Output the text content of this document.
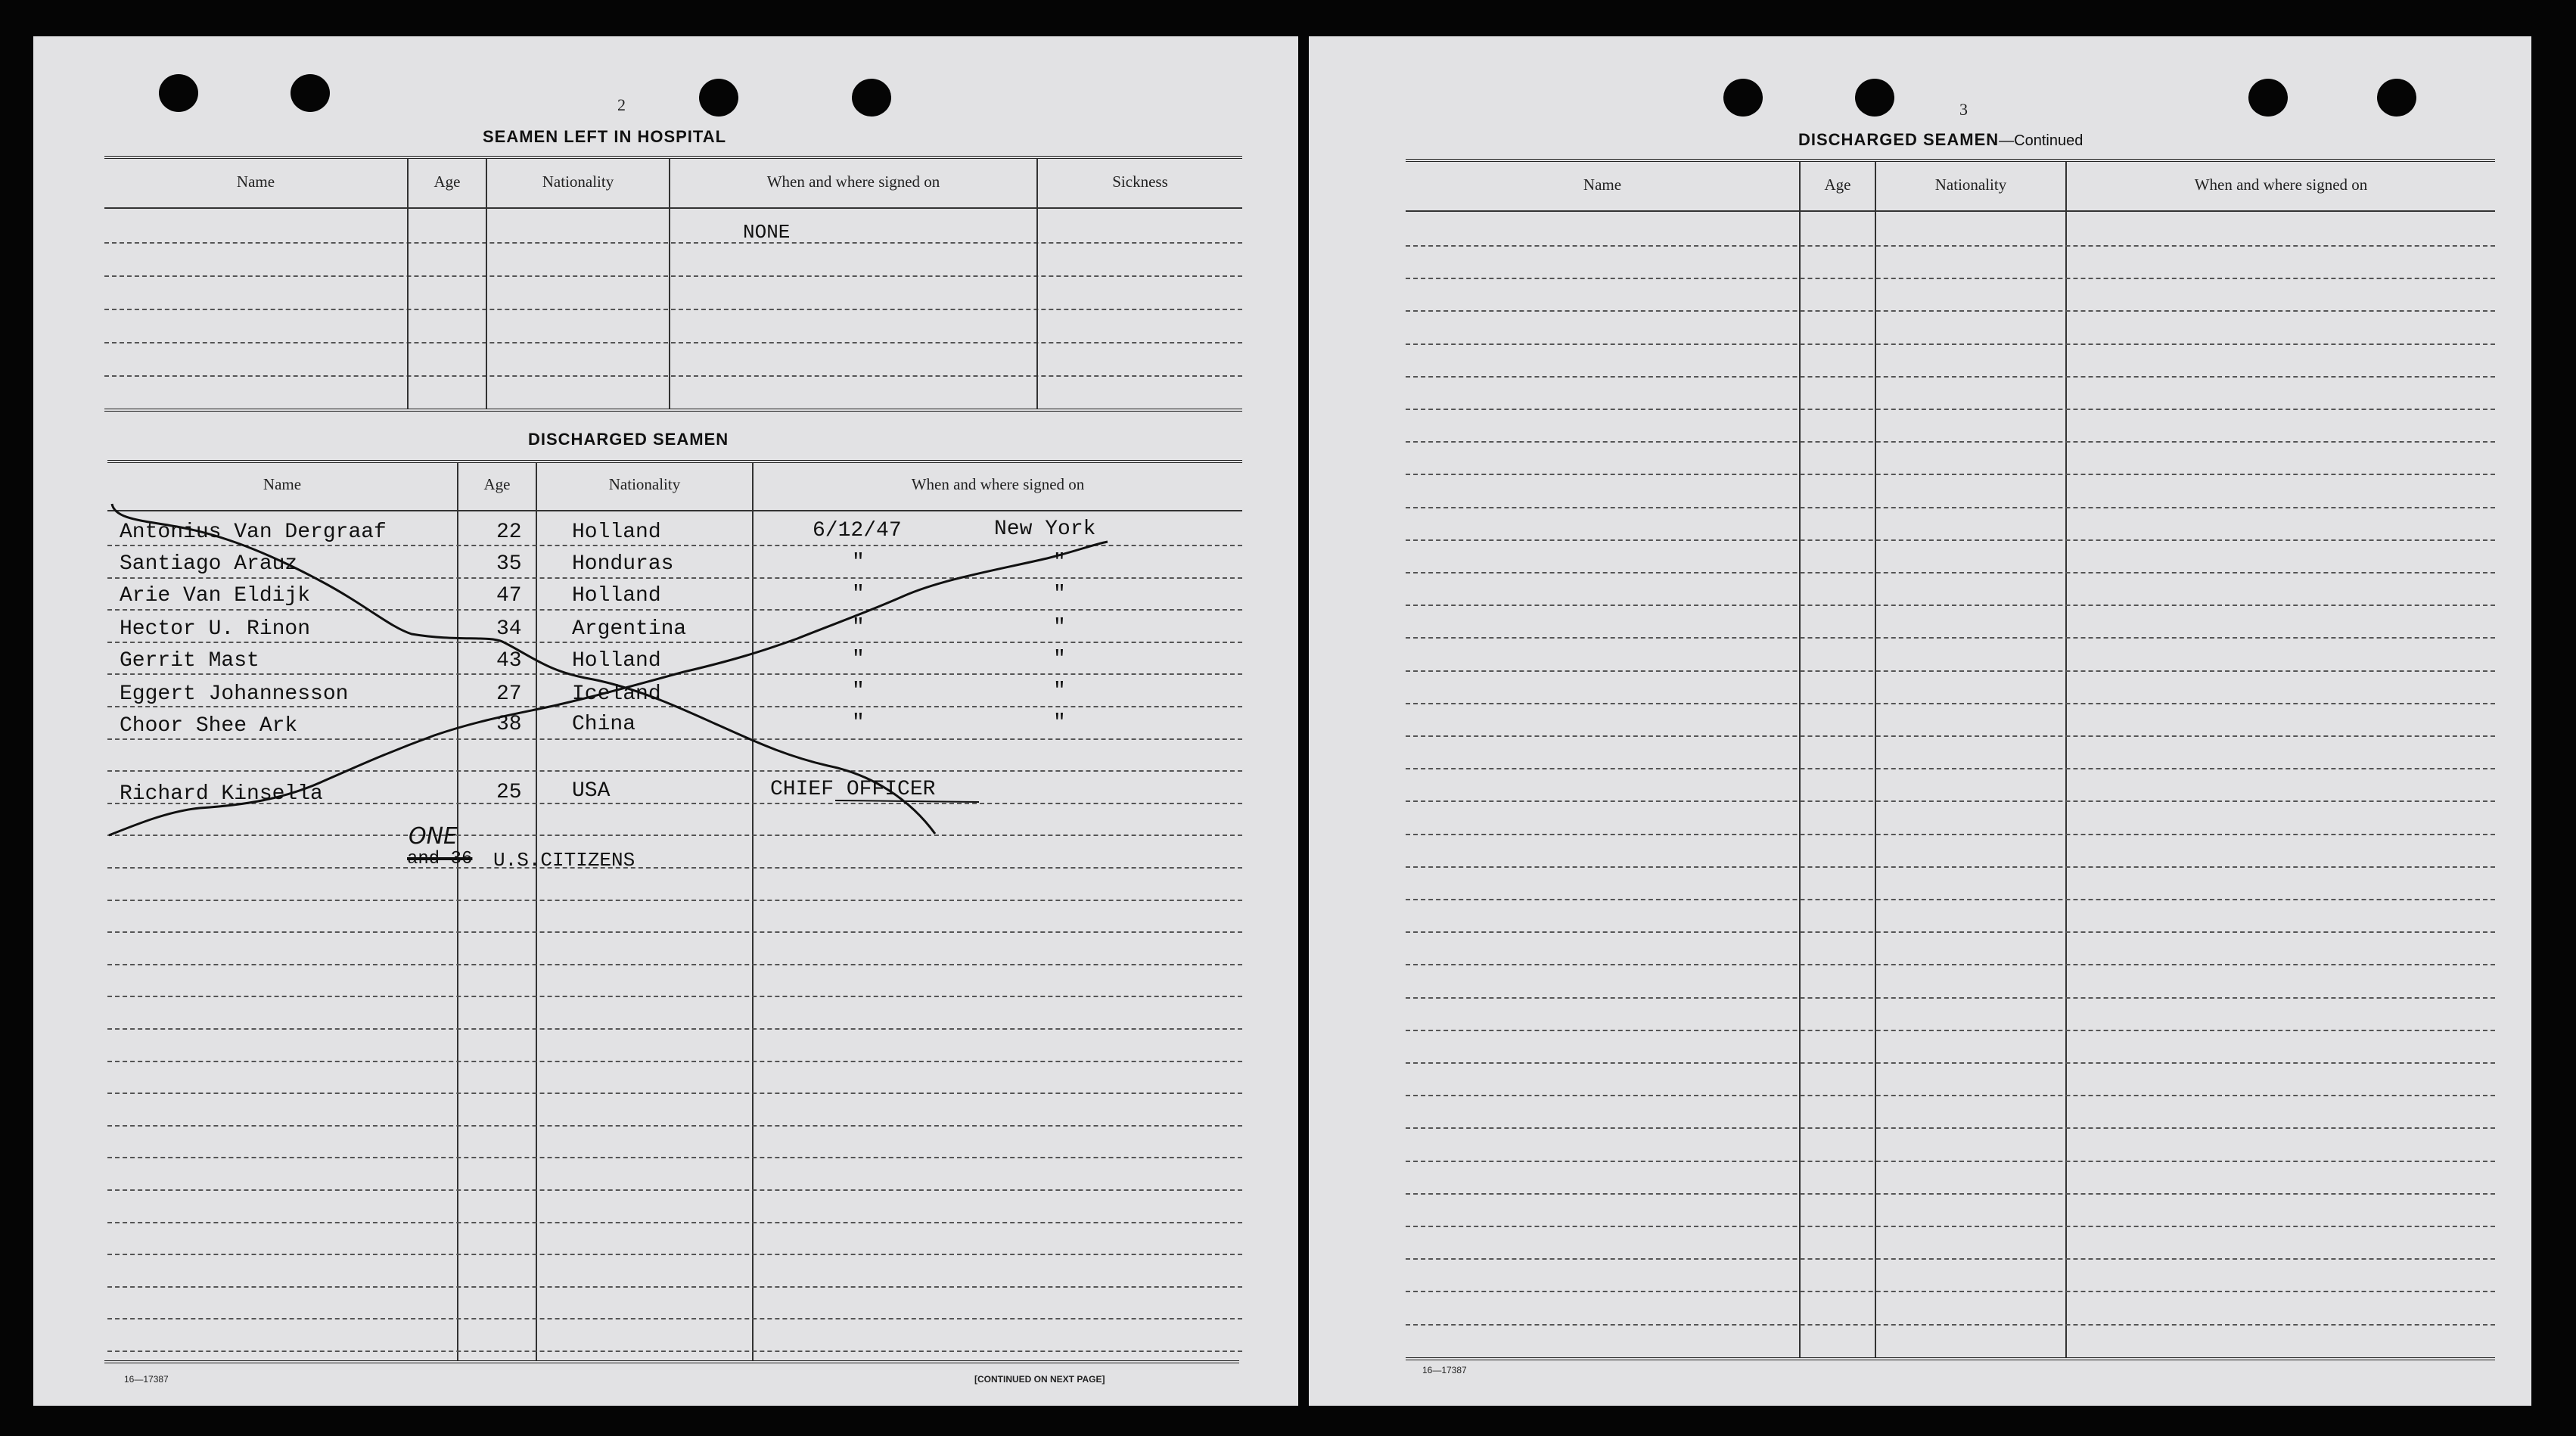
2
SEAMEN LEFT IN HOSPITAL
Name	Age	Nationality	When and where signed on	Sickness
NONE
DISCHARGED SEAMEN
Name	Age	Nationality	When and where signed on
Antonius Van Dergraaf	22 Holland	6/12/47	New York
Santiago Arauz	35 Honduras	"	"
Arie Van Eldijk	47 Holland	"	"
Hector U. Rinon	34 Argentina	"	"
Gerrit Mast	43 Holland	"	"
Eggert Johannesson	27 Iceland	"	"
Choor Shee Ark	38 China	"	"
Richard Kinsella	25 USA	CHIEF OFFICER
ONE
and 36 U.S.CITIZENS
16—17387	[CONTINUED ON NEXT PAGE]
3
DISCHARGED SEAMEN—Continued
Name	Age	Nationality	When and where signed on
16—17387
